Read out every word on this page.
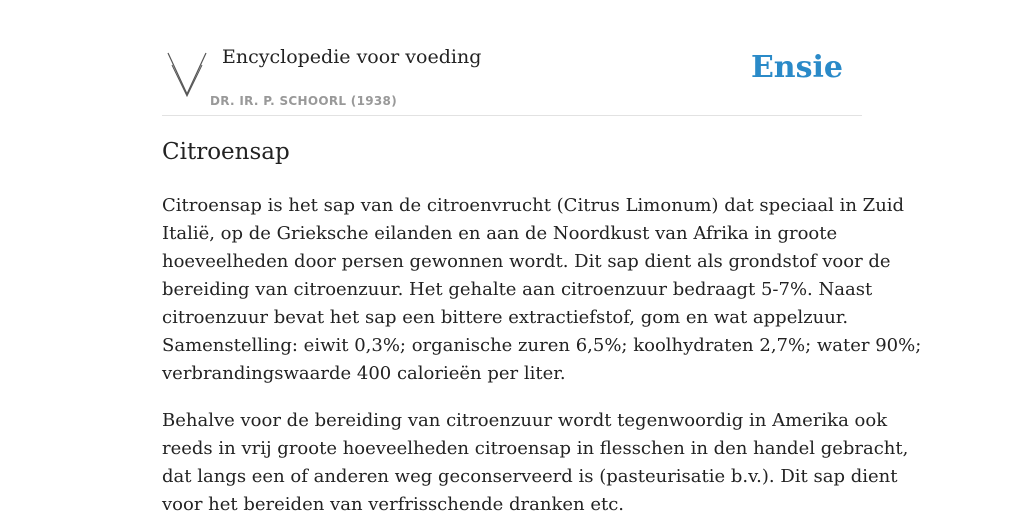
Encyclopedie voor voeding
DR. IR. P. SCHOORL (1938)
Ensie
Citroensap

Citroensap is het sap van de citroenvrucht (Citrus Limonum) dat speciaal in Zuid
Italië, op de Grieksche eilanden en aan de Noordkust van Afrika in groote
hoeveelheden door persen gewonnen wordt. Dit sap dient als grondstof voor de
bereiding van citroenzuur. Het gehalte aan citroenzuur bedraagt 5-7%. Naast
citroenzuur bevat het sap een bittere extractiefstof, gom en wat appelzuur.
Samenstelling: eiwit 0,3%; organische zuren 6,5%; koolhydraten 2,7%; water 90%;
verbrandingswaarde 400 calorieën per liter.

Behalve voor de bereiding van citroenzuur wordt tegenwoordig in Amerika ook
reeds in vrij groote hoeveelheden citroensap in flesschen in den handel gebracht,
dat langs een of anderen weg geconserveerd is (pasteurisatie b.v.). Dit sap dient
voor het bereiden van verfrisschende dranken etc.
